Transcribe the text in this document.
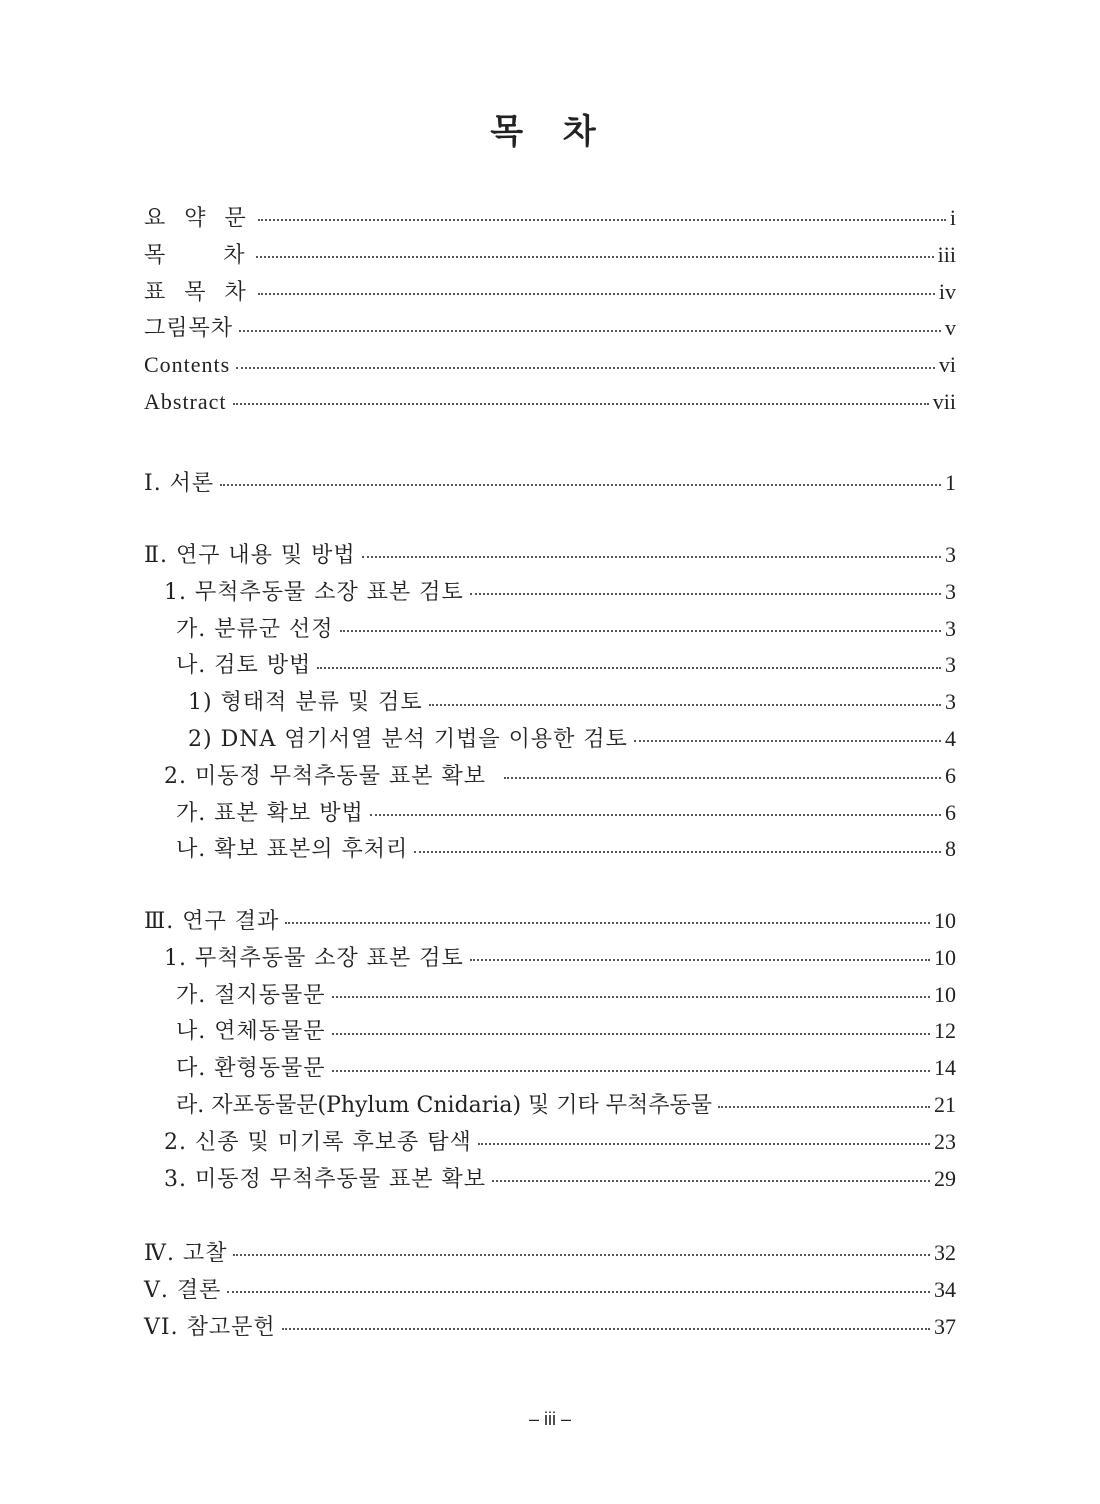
목 차
요 약 문	i
목    차	iii
표 목 차	iv
그림목차	v
Contents	vi
Abstract	vii
Ⅰ. 서론	1
Ⅱ. 연구 내용 및 방법	3
1. 무척추동물 소장 표본 검토	3
가. 분류군 선정	3
나. 검토 방법	3
1) 형태적 분류 및 검토	3
2) DNA 염기서열 분석 기법을 이용한 검토	4
2. 미동정 무척추동물 표본 확보	6
가. 표본 확보 방법	6
나. 확보 표본의 후처리	8
Ⅲ. 연구 결과	10
1. 무척추동물 소장 표본 검토	10
가. 절지동물문	10
나. 연체동물문	12
다. 환형동물문	14
라. 자포동물문(Phylum Cnidaria) 및 기타 무척추동물	21
2. 신종 및 미기록 후보종 탐색	23
3. 미동정 무척추동물 표본 확보	29
Ⅳ. 고찰	32
Ⅴ. 결론	34
VI. 참고문헌	37
– iii –
